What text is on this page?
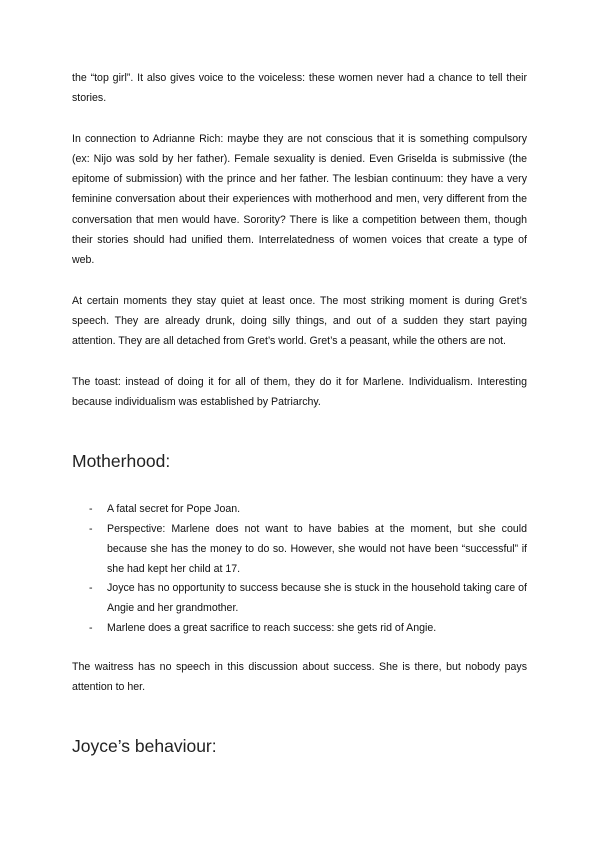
the “top girl”. It also gives voice to the voiceless: these women never had a chance to tell their stories.

In connection to Adrianne Rich: maybe they are not conscious that it is something compulsory (ex: Nijo was sold by her father). Female sexuality is denied. Even Griselda is submissive (the epitome of submission) with the prince and her father. The lesbian continuum: they have a very feminine conversation about their experiences with motherhood and men, very different from the conversation that men would have. Sorority? There is like a competition between them, though their stories should had unified them. Interrelatedness of women voices that create a type of web.

At certain moments they stay quiet at least once. The most striking moment is during Gret’s speech. They are already drunk, doing silly things, and out of a sudden they start paying attention. They are all detached from Gret’s world. Gret’s a peasant, while the others are not.

The toast: instead of doing it for all of them, they do it for Marlene. Individualism. Interesting because individualism was established by Patriarchy.

Motherhood:
- A fatal secret for Pope Joan.
- Perspective: Marlene does not want to have babies at the moment, but she could because she has the money to do so. However, she would not have been “successful” if she had kept her child at 17.
- Joyce has no opportunity to success because she is stuck in the household taking care of Angie and her grandmother.
- Marlene does a great sacrifice to reach success: she gets rid of Angie.

The waitress has no speech in this discussion about success. She is there, but nobody pays attention to her.

Joyce’s behaviour:
